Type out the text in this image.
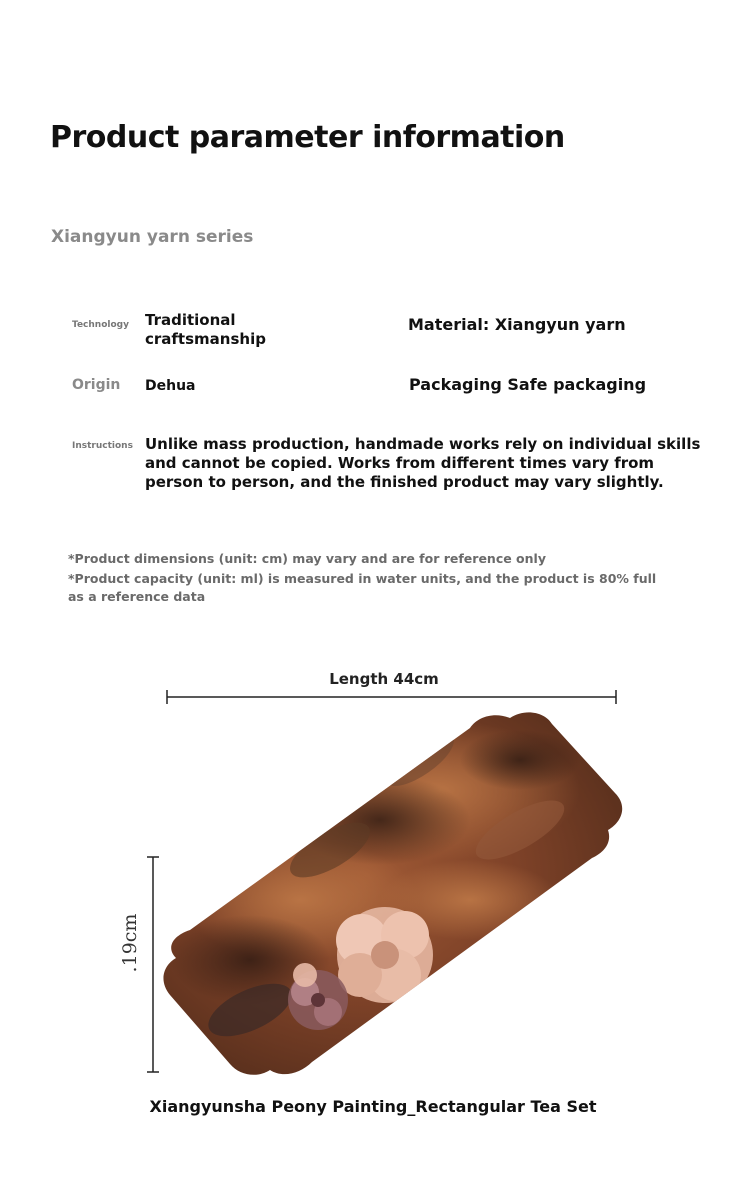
Product parameter information
Xiangyun yarn series
Technology Traditional
craftsmanship
Material: Xiangyun yarn
Origin Dehua	Packaging Safe packaging
Instructions Unlike mass production, handmade works rely on individual skills
and cannot be copied. Works from different times vary from
person to person, and the finished product may vary slightly.
*Product dimensions (unit: cm) may vary and are for reference only
*Product capacity (unit: ml) is measured in water units, and the product is 80% full as a reference data
Length 44cm
.19cm
Xiangyunsha Peony Painting_Rectangular Tea Set
